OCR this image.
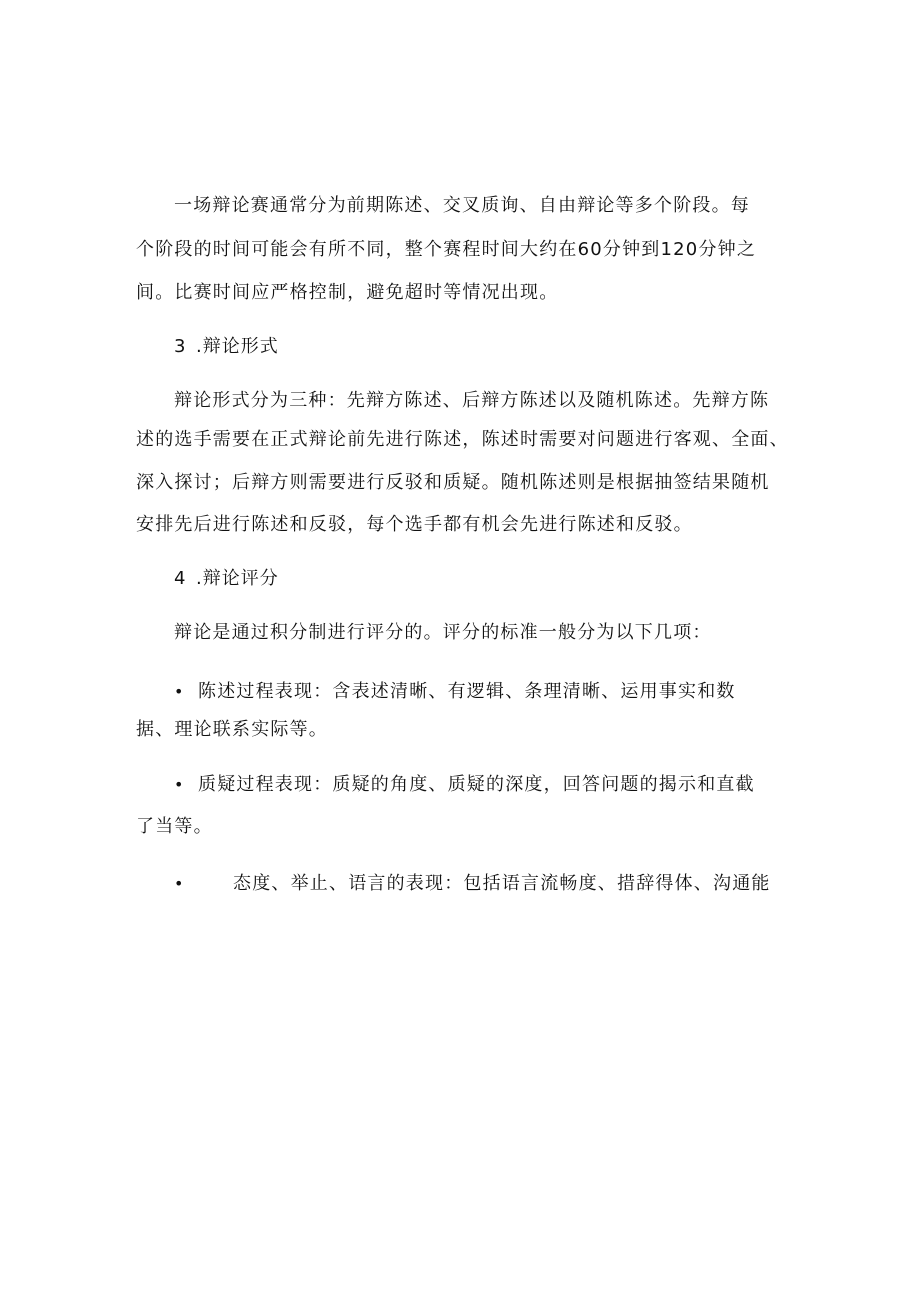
一场辩论赛通常分为前期陈述、交叉质询、自由辩论等多个阶段。每
个阶段的时间可能会有所不同，整个赛程时间大约在60分钟到120分钟之
间。比赛时间应严格控制，避免超时等情况出现。
3 .辩论形式
辩论形式分为三种：先辩方陈述、后辩方陈述以及随机陈述。先辩方陈
述的选手需要在正式辩论前先进行陈述，陈述时需要对问题进行客观、全面、
深入探讨；后辩方则需要进行反驳和质疑。随机陈述则是根据抽签结果随机
安排先后进行陈述和反驳，每个选手都有机会先进行陈述和反驳。
4 .辩论评分
辩论是通过积分制进行评分的。评分的标准一般分为以下几项：
• 陈述过程表现：含表述清晰、有逻辑、条理清晰、运用事实和数
据、理论联系实际等。
• 质疑过程表现：质疑的角度、质疑的深度，回答问题的揭示和直截
了当等。
•	态度、举止、语言的表现：包括语言流畅度、措辞得体、沟通能
